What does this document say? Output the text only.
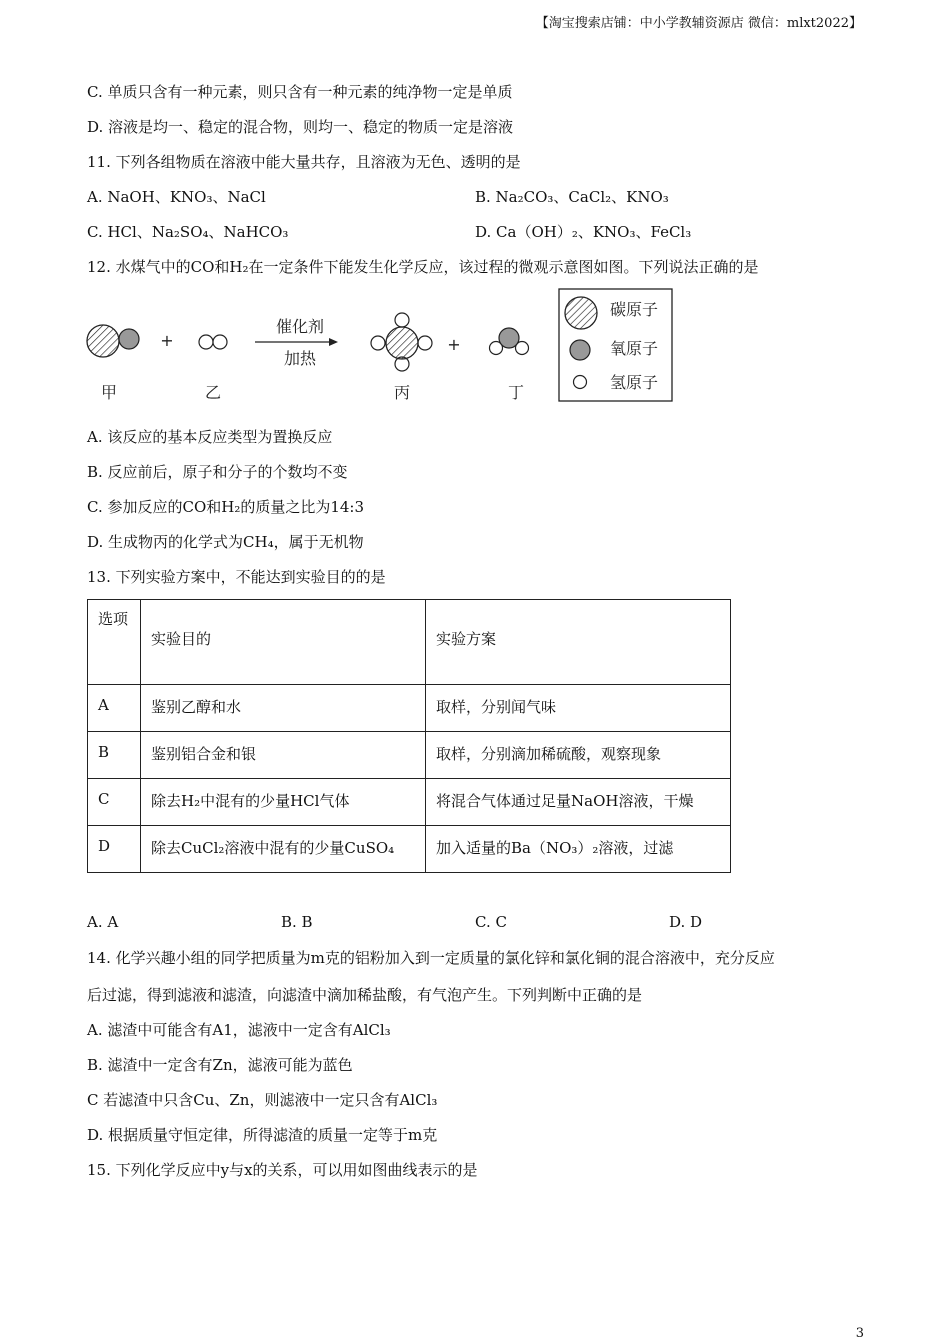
【淘宝搜索店铺：中小学教辅资源店 微信：mlxt2022】
C. 单质只含有一种元素，则只含有一种元素的纯净物一定是单质
D. 溶液是均一、稳定的混合物，则均一、稳定的物质一定是溶液
11. 下列各组物质在溶液中能大量共存，且溶液为无色、透明的是
A. NaOH、KNO₃、NaCl	B. Na₂CO₃、CaCl₂、KNO₃
C. HCl、Na₂SO₄、NaHCO₃	D. Ca（OH）₂、KNO₃、FeCl₃
12. 水煤气中的CO和H₂在一定条件下能发生化学反应，该过程的微观示意图如图。下列说法正确的是
+
催化剂
加热
+
甲	乙	丙	丁
碳原子
氧原子
氢原子
A. 该反应的基本反应类型为置换反应
B. 反应前后，原子和分子的个数均不变
C. 参加反应的CO和H₂的质量之比为14:3
D. 生成物丙的化学式为CH₄，属于无机物
13. 下列实验方案中，不能达到实验目的的是
选项	实验目的	实验方案
A	鉴别乙醇和水	取样，分别闻气味
B	鉴别铝合金和银	取样，分别滴加稀硫酸，观察现象
C	除去H₂中混有的少量HCl气体	将混合气体通过足量NaOH溶液，干燥
D	除去CuCl₂溶液中混有的少量CuSO₄	加入适量的Ba（NO₃）₂溶液，过滤
A. A	B. B	C. C	D. D
14. 化学兴趣小组的同学把质量为m克的铝粉加入到一定质量的氯化锌和氯化铜的混合溶液中，充分反应
后过滤，得到滤液和滤渣，向滤渣中滴加稀盐酸，有气泡产生。下列判断中正确的是
A. 滤渣中可能含有A1，滤液中一定含有AlCl₃
B. 滤渣中一定含有Zn，滤液可能为蓝色
C 若滤渣中只含Cu、Zn，则滤液中一定只含有AlCl₃
D. 根据质量守恒定律，所得滤渣的质量一定等于m克
15. 下列化学反应中y与x的关系，可以用如图曲线表示的是
3
